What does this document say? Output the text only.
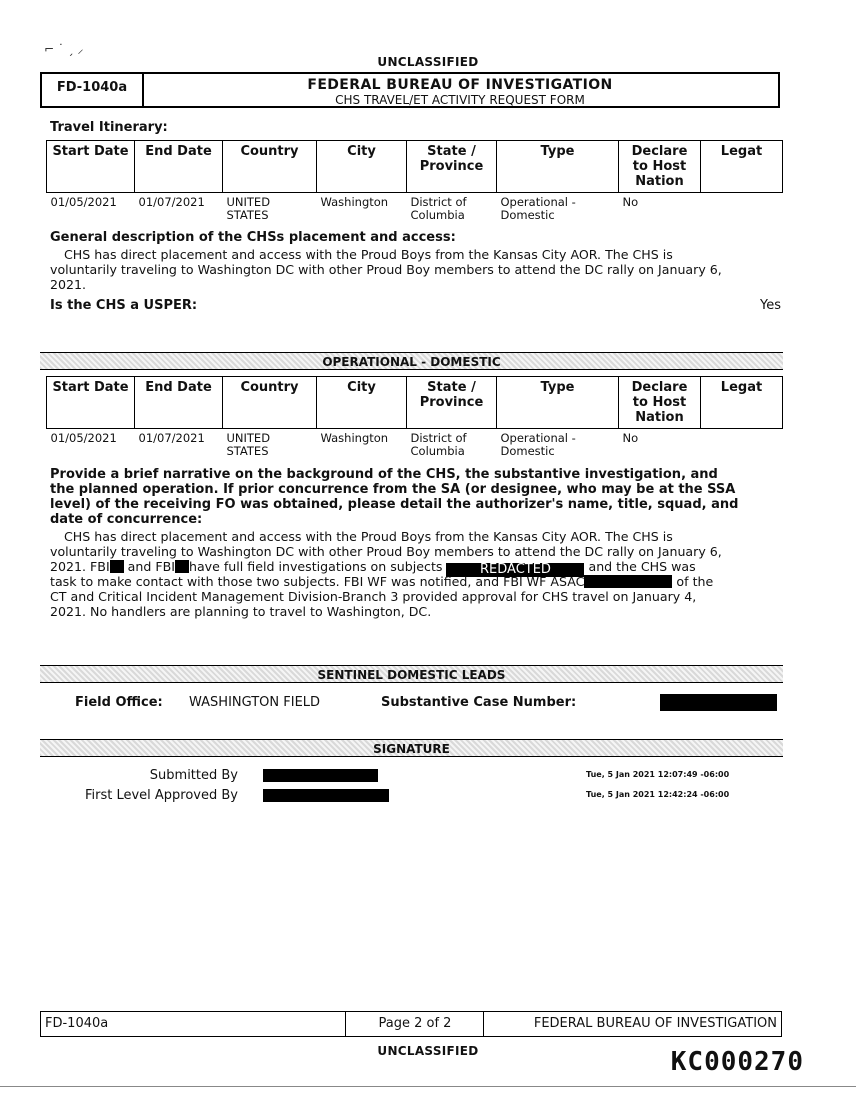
⌐ ˙ ˏ ⸝
UNCLASSIFIED
FD-1040a	FEDERAL BUREAU OF INVESTIGATION
CHS TRAVEL/ET ACTIVITY REQUEST FORM
Travel Itinerary:
Start Date	End Date	Country	City	State / Province	Type	Declare to Host Nation	Legat
01/05/2021	01/07/2021	UNITED STATES	Washington	District of Columbia	Operational - Domestic	No	
General description of the CHSs placement and access:
CHS has direct placement and access with the Proud Boys from the Kansas City AOR. The CHS is voluntarily traveling to Washington DC with other Proud Boy members to attend the DC rally on January 6, 2021.
Is the CHS a USPER:	Yes
OPERATIONAL - DOMESTIC
Start Date	End Date	Country	City	State / Province	Type	Declare to Host Nation	Legat
01/05/2021	01/07/2021	UNITED STATES	Washington	District of Columbia	Operational - Domestic	No	
Provide a brief narrative on the background of the CHS, the substantive investigation, and the planned operation. If prior concurrence from the SA (or designee, who may be at the SSA level) of the receiving FO was obtained, please detail the authorizer's name, title, squad, and date of concurrence:
CHS has direct placement and access with the Proud Boys from the Kansas City AOR. The CHS is
voluntarily traveling to Washington DC with other Proud Boy members to attend the DC rally on January 6,
2021. FBI and FBI have full field investigations on subjects	REDACTED	and the CHS was
task to make contact with those two subjects. FBI WF was notified, and FBI WF ASAC	of the
CT and Critical Incident Management Division-Branch 3 provided approval for CHS travel on January 4,
2021. No handlers are planning to travel to Washington, DC.
SENTINEL DOMESTIC LEADS
Field Office: WASHINGTON FIELD	Substantive Case Number:
SIGNATURE
Submitted By	Tue, 5 Jan 2021 12:07:49 -06:00
First Level Approved By	Tue, 5 Jan 2021 12:42:24 -06:00
FD-1040a	Page 2 of 2	FEDERAL BUREAU OF INVESTIGATION
UNCLASSIFIED	KC000270
